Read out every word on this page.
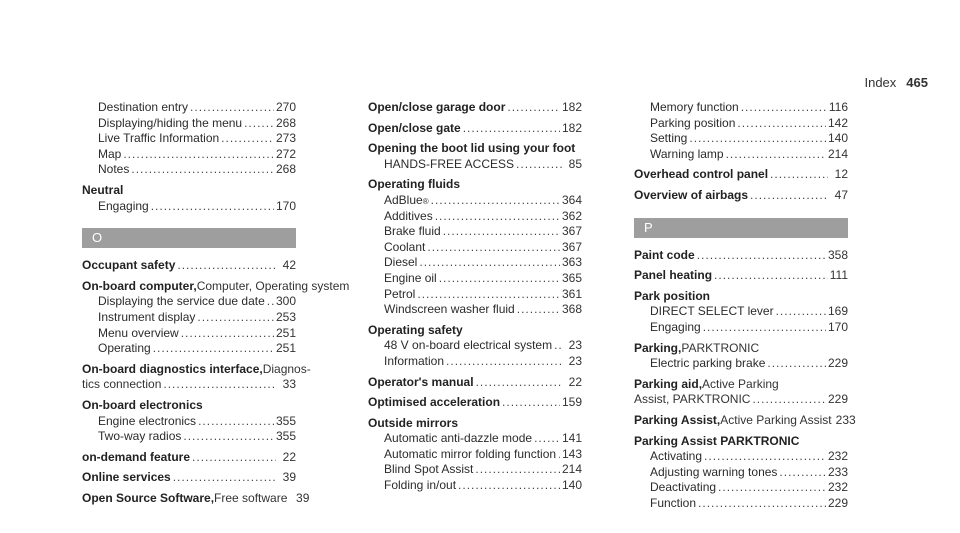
Index 465
Destination entry .....	270
Displaying/hiding the menu .....	268
Live Traffic Information .....	273
Map .....	272
Notes .....	268
Neutral
Engaging .....	170
O
Occupant safety .....	42
On-board computer, Computer, Operating system
Displaying the service due date ..... 300
Instrument display .....	253
Menu overview .....	251
Operating .....	251
On-board diagnostics interface, Diagnos-
tics connection .....	33
On-board electronics
Engine electronics .....	355
Two-way radios .....	355
on-demand feature .....	22
Online services .....	39
Open Source Software, Free software 39
Open/close garage door .....	182
Open/close gate .....	182
Opening the boot lid using your foot
HANDS-FREE ACCESS .....	85
Operating fluids
AdBlue ® .....	364
Additives .....	362
Brake fluid .....	367
Coolant .....	367
Diesel .....	363
Engine oil .....	365
Petrol .....	361
Windscreen washer fluid .....	368
Operating safety
48 V on-board electrical system .....	23
Information .....	23
Operator's manual .....	22
Optimised acceleration .....	159
Outside mirrors
Automatic anti-dazzle mode ..... 141
Automatic mirror folding function ..... 143
Blind Spot Assist .....	214
Folding in/out .....	140
Memory function .....	116
Parking position .....	142
Setting .....	140
Warning lamp .....	214
Overhead control panel .....	12
Overview of airbags .....	47
P
Paint code .....	358
Panel heating .....	111
Park position
DIRECT SELECT lever .....	169
Engaging .....	170
Parking, PARKTRONIC
Electric parking brake .....	229
Parking aid, Active Parking
Assist, PARKTRONIC .....	229
Parking Assist, Active Parking Assist 233
Parking Assist PARKTRONIC
Activating .....	232
Adjusting warning tones .....	233
Deactivating .....	232
Function .....	229
